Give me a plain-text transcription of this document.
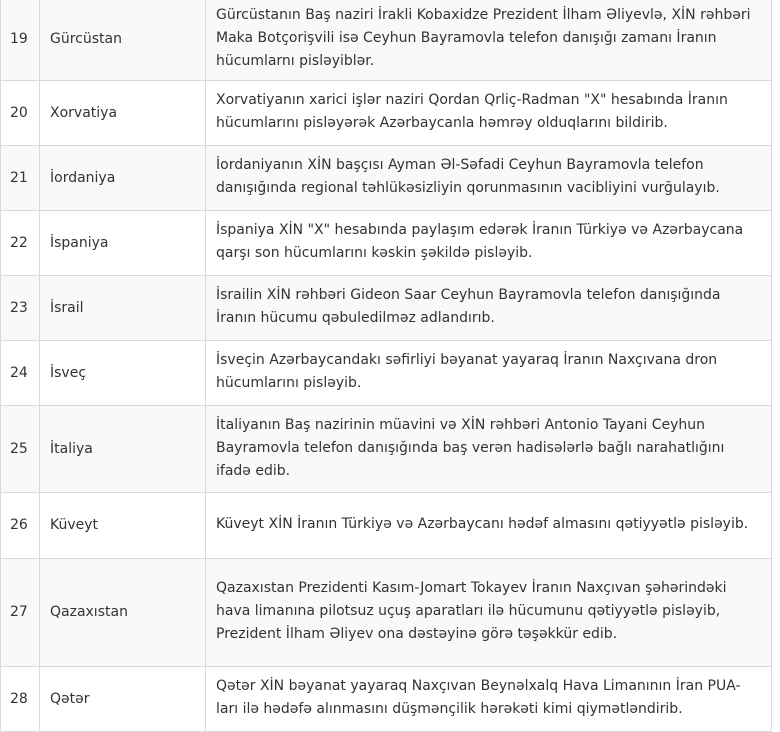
19	Gürcüstan	Gürcüstanın Baş naziri İrakli Kobaxidze Prezident İlham Əliyevlə, XİN rəhbəri Maka Botçorişvili isə Ceyhun Bayramovla telefon danışığı zamanı İranın hücumlarnı pisləyiblər.
20	Xorvatiya	Xorvatiyanın xarici işlər naziri Qordan Qrliç-Radman "X" hesabında İranın hücumlarını pisləyərək Azərbaycanla həmrəy olduqlarını bildirib.
21	İordaniya	İordaniyanın XİN başçısı Ayman Əl-Səfadi Ceyhun Bayramovla telefon danışığında regional təhlükəsizliyin qorunmasının vacibliyini vurğulayıb.
22	İspaniya	İspaniya XİN "X" hesabında paylaşım edərək İranın Türkiyə və Azərbaycana qarşı son hücumlarını kəskin şəkildə pisləyib.
23	İsrail	İsrailin XİN rəhbəri Gideon Saar Ceyhun Bayramovla telefon danışığında İranın hücumu qəbuledilməz adlandırıb.
24	İsveç	İsveçin Azərbaycandakı səfirliyi bəyanat yayaraq İranın Naxçıvana dron hücumlarını pisləyib.
25	İtaliya	İtaliyanın Baş nazirinin müavini və XİN rəhbəri Antonio Tayani Ceyhun Bayramovla telefon danışığında baş verən hadisələrlə bağlı narahatlığını ifadə edib.
26	Küveyt	Küveyt XİN İranın Türkiyə və Azərbaycanı hədəf almasını qətiyyətlə pisləyib.
27	Qazaxıstan	Qazaxıstan Prezidenti Kasım-Jomart Tokayev İranın Naxçıvan şəhərindəki hava limanına pilotsuz uçuş aparatları ilə hücumunu qətiyyətlə pisləyib, Prezident İlham Əliyev ona dəstəyinə görə təşəkkür edib.
28	Qətər	Qətər XİN bəyanat yayaraq Naxçıvan Beynəlxalq Hava Limanının İran PUA-ları ilə hədəfə alınmasını düşmənçilik hərəkəti kimi qiymətləndirib.
